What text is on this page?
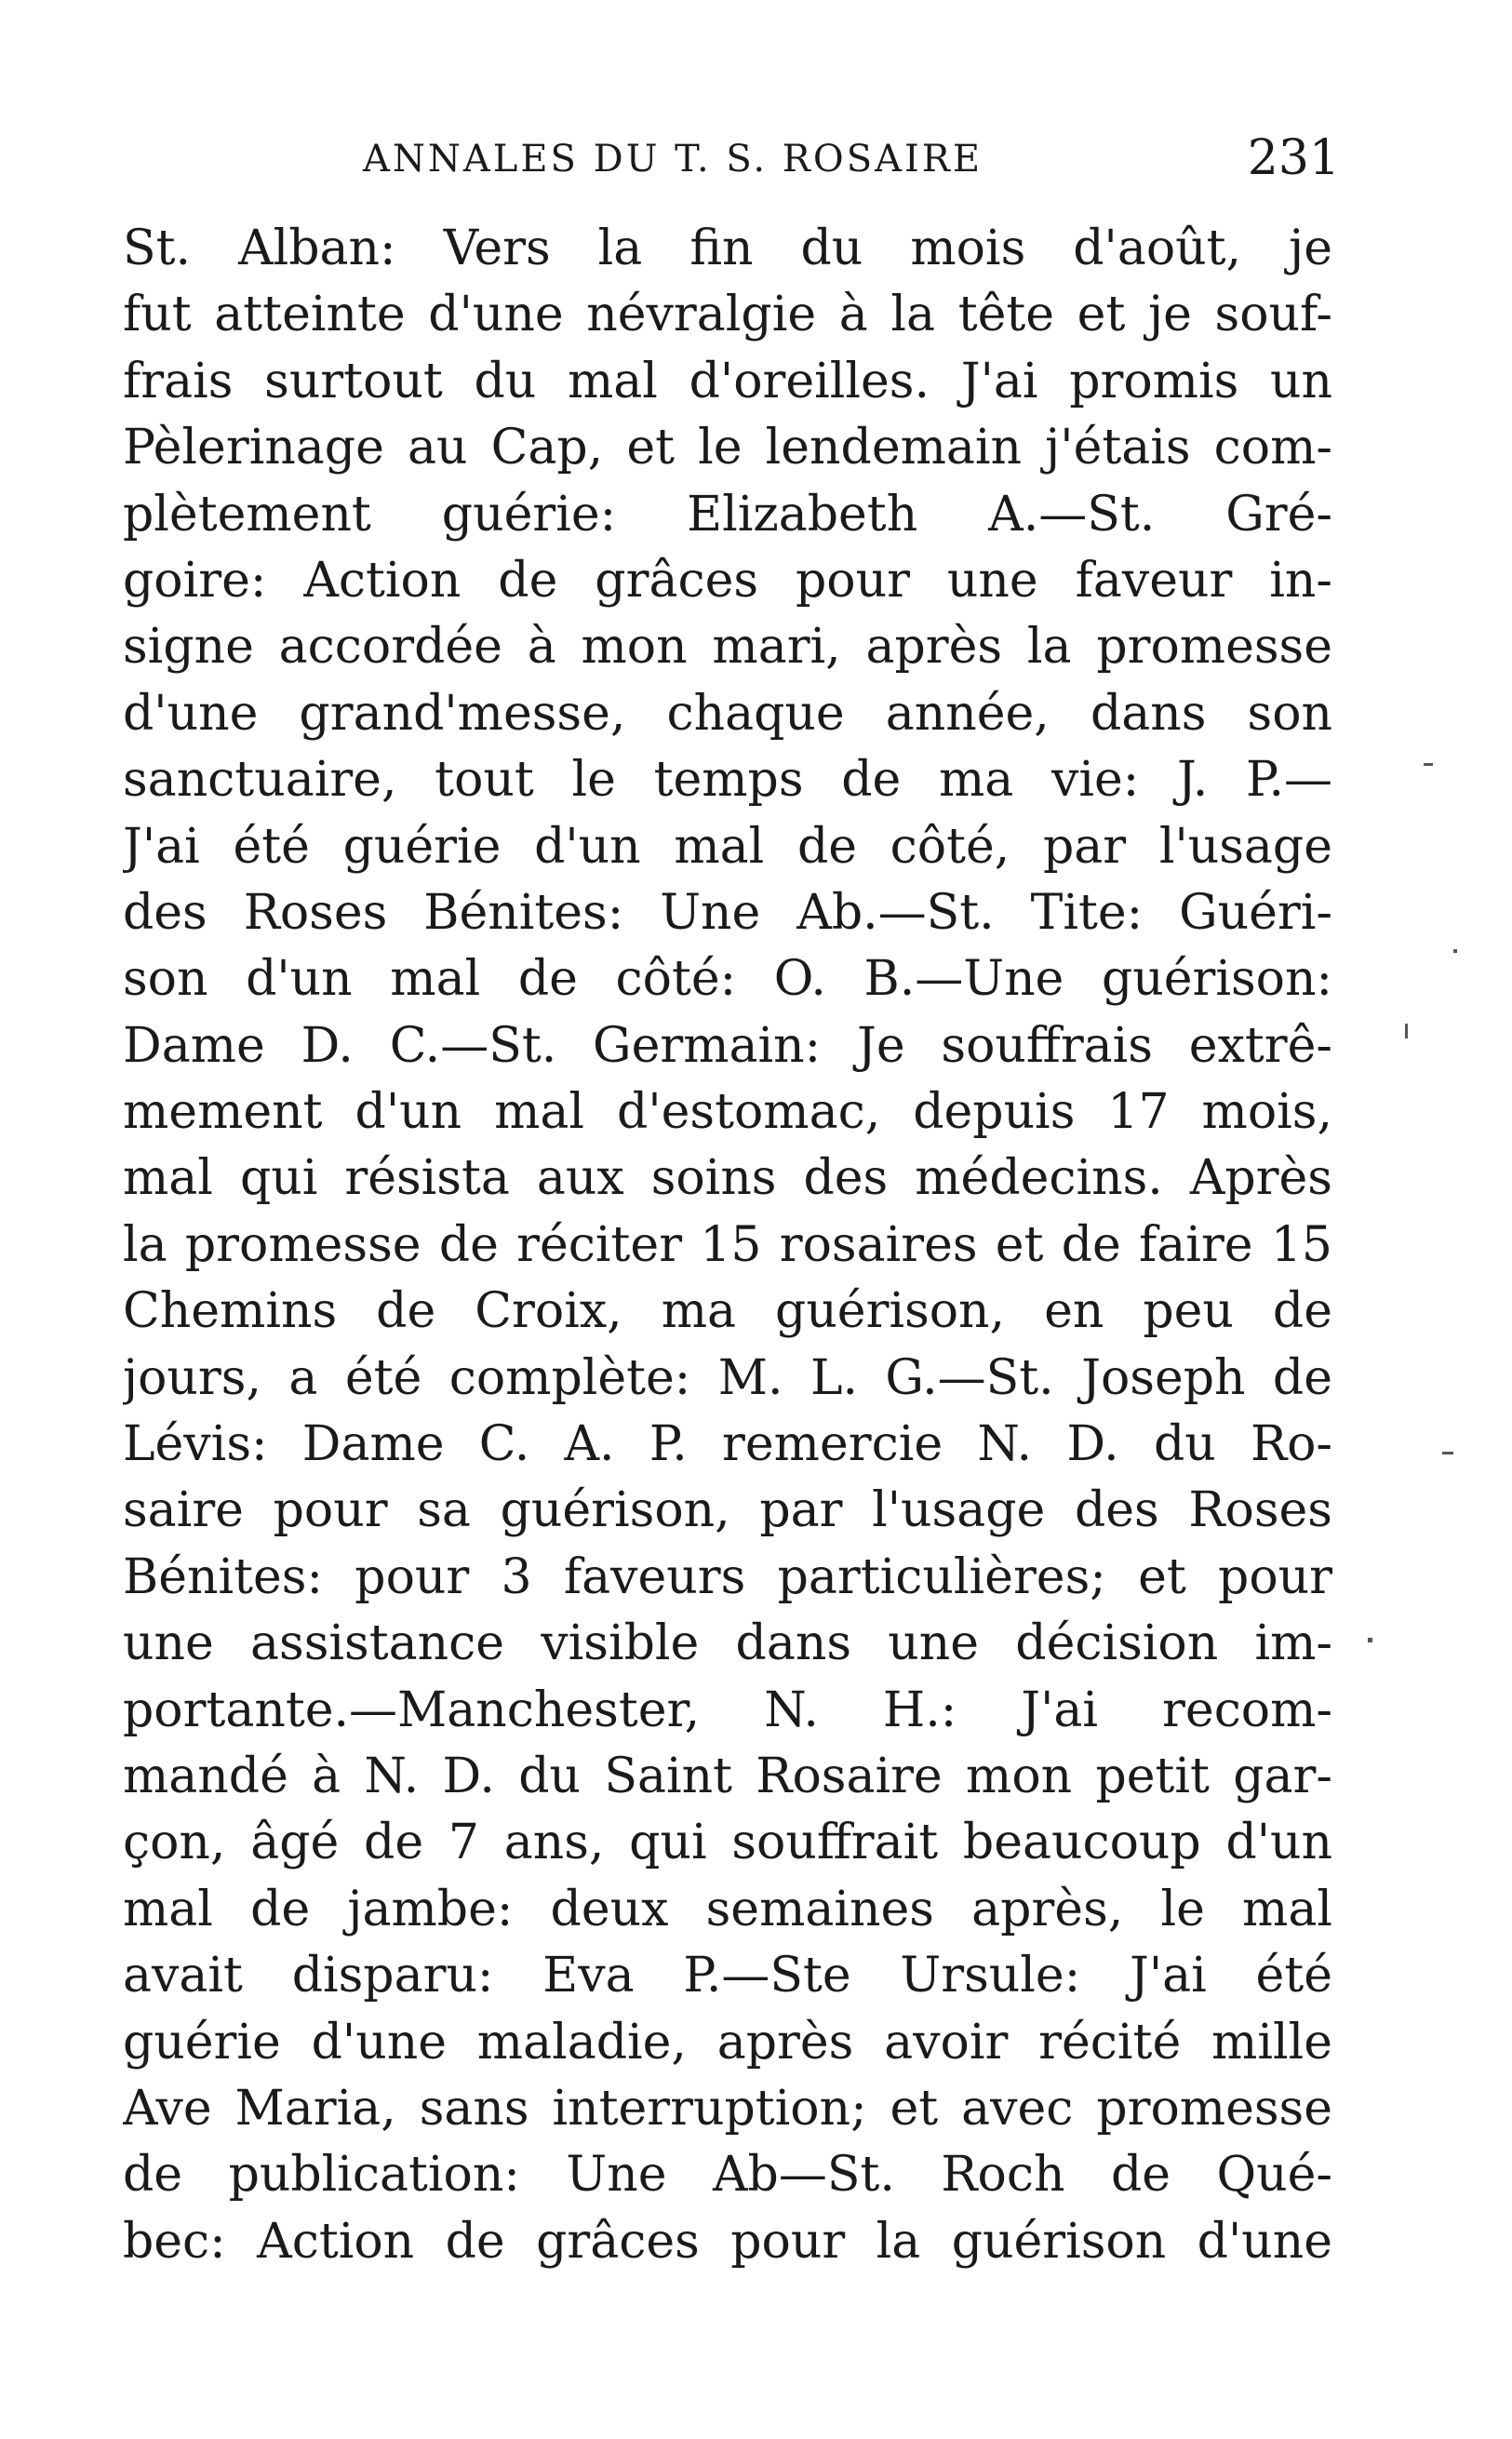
ANNALES DU T. S. ROSAIRE	231
St. Alban: Vers la fin du mois d'août, je
fut atteinte d'une névralgie à la tête et je souf-
frais surtout du mal d'oreilles. J'ai promis un
Pèlerinage au Cap, et le lendemain j'étais com-
plètement guérie: Elizabeth A.—St. Gré-
goire: Action de grâces pour une faveur in-
signe accordée à mon mari, après la promesse
d'une grand'messe, chaque année, dans son
sanctuaire, tout le temps de ma vie: J. P.—
J'ai été guérie d'un mal de côté, par l'usage
des Roses Bénites: Une Ab.—St. Tite: Guéri-
son d'un mal de côté: O. B.—Une guérison:
Dame D. C.—St. Germain: Je souffrais extrê-
mement d'un mal d'estomac, depuis 17 mois,
mal qui résista aux soins des médecins. Après
la promesse de réciter 15 rosaires et de faire 15
Chemins de Croix, ma guérison, en peu de
jours, a été complète: M. L. G.—St. Joseph de
Lévis: Dame C. A. P. remercie N. D. du Ro-
saire pour sa guérison, par l'usage des Roses
Bénites: pour 3 faveurs particulières; et pour
une assistance visible dans une décision im-
portante.—Manchester, N. H.: J'ai recom-
mandé à N. D. du Saint Rosaire mon petit gar-
çon, âgé de 7 ans, qui souffrait beaucoup d'un
mal de jambe: deux semaines après, le mal
avait disparu: Eva P.—Ste Ursule: J'ai été
guérie d'une maladie, après avoir récité mille
Ave Maria, sans interruption; et avec promesse
de publication: Une Ab—St. Roch de Qué-
bec: Action de grâces pour la guérison d'une
